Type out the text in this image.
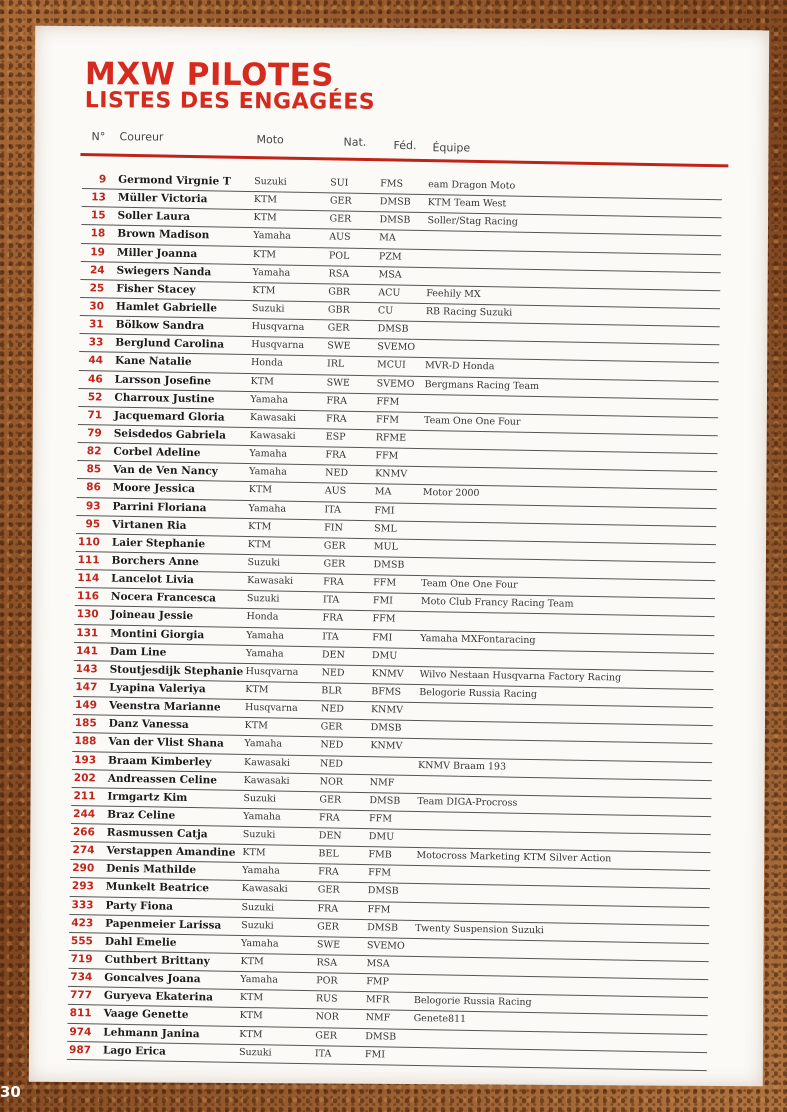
MXW PILOTES
LISTES DES ENGAGÉES
N° Coureur	Moto	Nat. Féd. Équipe
9 Germond Virgnie T Suzuki	SUI	FMS	eam Dragon Moto
13 Müller Victoria	KTM	GER	DMSB KTM Team West
15 Soller Laura	KTM	GER	DMSB Soller/Stag Racing
18 Brown Madison	Yamaha	AUS	MA
19 Miller Joanna	KTM	POL	PZM
24 Swiegers Nanda	Yamaha	RSA	MSA
25 Fisher Stacey	KTM	GBR	ACU	Feehily MX
30 Hamlet Gabrielle	Suzuki	GBR	CU	RB Racing Suzuki
31 Bölkow Sandra	Husqvarna GER	DMSB
33 Berglund Carolina	Husqvarna SWE	SVEMO
44 Kane Natalie	Honda	IRL	MCUI MVR-D Honda
46 Larsson Josefine	KTM	SWE	SVEMO Bergmans Racing Team
52 Charroux Justine	Yamaha	FRA	FFM
71 Jacquemard Gloria	Kawasaki	FRA	FFM	Team One One Four
79 Seisdedos Gabriela Kawasaki	ESP	RFME
82 Corbel Adeline	Yamaha	FRA	FFM
85 Van de Ven Nancy	Yamaha	NED	KNMV
86 Moore Jessica	KTM	AUS	MA	Motor 2000
93 Parrini Floriana	Yamaha	ITA	FMI
95 Virtanen Ria	KTM	FIN	SML
110 Laier Stephanie	KTM	GER	MUL
111 Borchers Anne	Suzuki	GER	DMSB
114 Lancelot Livia	Kawasaki	FRA	FFM	Team One One Four
116 Nocera Francesca	Suzuki	ITA	FMI	Moto Club Francy Racing Team
130 Joineau Jessie	Honda	FRA	FFM
131 Montini Giorgia	Yamaha	ITA	FMI	Yamaha MXFontaracing
141 Dam Line	Yamaha	DEN	DMU
143 Stoutjesdijk Stephanie Husqvarna NED	KNMV Wilvo Nestaan Husqvarna Factory Racing
147 Lyapina Valeriya	KTM	BLR	BFMS Belogorie Russia Racing
149 Veenstra Marianne	Husqvarna NED	KNMV
185 Danz Vanessa	KTM	GER	DMSB
188 Van der Vlist Shana Yamaha	NED	KNMV
193 Braam Kimberley	Kawasaki	NED	KNMV Braam 193
202 Andreassen Celine	Kawasaki	NOR	NMF
211 Irmgartz Kim	Suzuki	GER	DMSB Team DIGA-Procross
244 Braz Celine	Yamaha	FRA	FFM
266 Rasmussen Catja	Suzuki	DEN	DMU
274 Verstappen Amandine KTM	BEL	FMB	Motocross Marketing KTM Silver Action
290 Denis Mathilde	Yamaha	FRA	FFM
293 Munkelt Beatrice	Kawasaki	GER	DMSB
333 Party Fiona	Suzuki	FRA	FFM
423 Papenmeier Larissa Suzuki	GER	DMSB Twenty Suspension Suzuki
555 Dahl Emelie	Yamaha	SWE	SVEMO
719 Cuthbert Brittany	KTM	RSA	MSA
734 Goncalves Joana	Yamaha	POR	FMP
777 Guryeva Ekaterina	KTM	RUS	MFR	Belogorie Russia Racing
811 Vaage Genette	KTM	NOR	NMF Genete811
974 Lehmann Janina	KTM	GER	DMSB
987 Lago Erica	Suzuki	ITA	FMI
30
